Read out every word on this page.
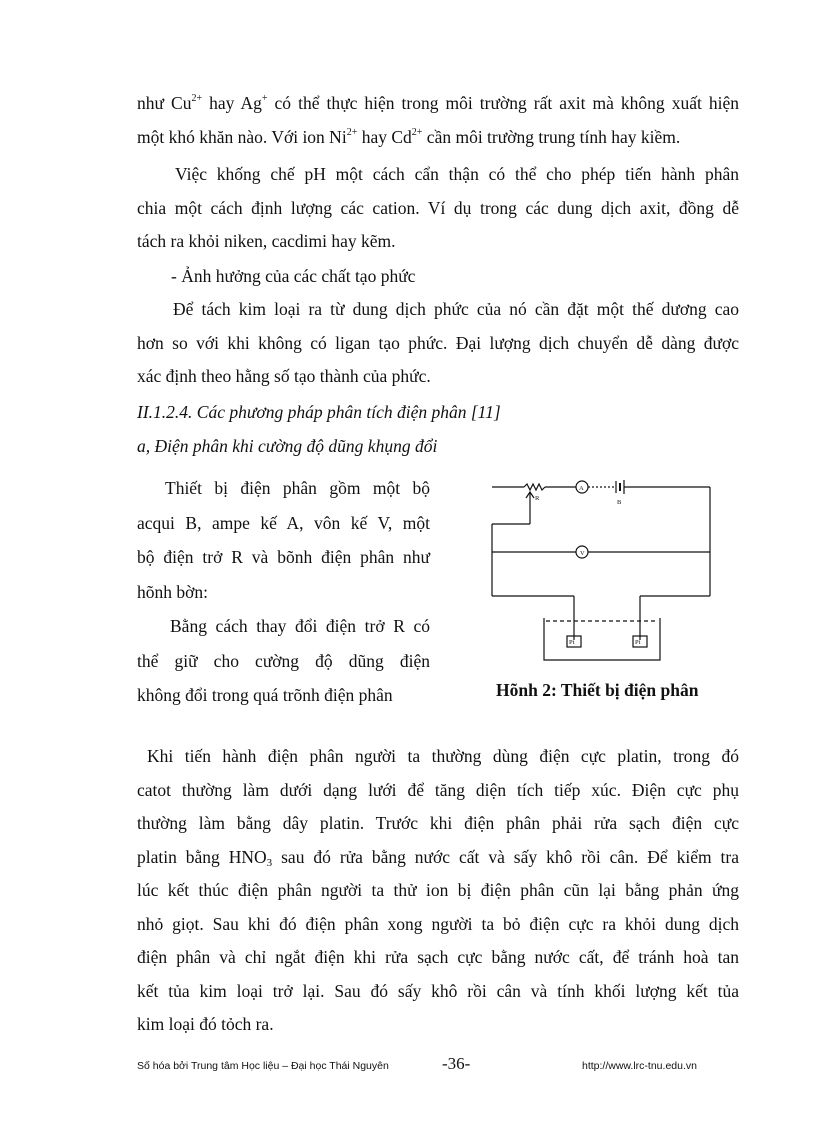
như $Cu^{2+}$ hay Ag+ có thể thực hiện trong môi trường rất axit mà không xuất hiện
một khó khăn nào. Với ion $Ni^{2+}$ hay $Cd^{2+}$ cần môi trường trung tính hay kiềm.
Việc khống chế pH một cách cẩn thận có thể cho phép tiến hành phân
chia một cách định lượng các cation. Ví dụ trong các dung dịch axit, đồng dễ
tách ra khỏi niken, cacdimi hay kẽm.
- Ảnh hưởng của các chất tạo phức
Để tách kim loại ra từ dung dịch phức của nó cần đặt một thế dương cao
hơn so với khi không có ligan tạo phức. Đại lượng dịch chuyển dễ dàng được
xác định theo hằng số tạo thành của phức.
II.1.2.4. Các phương pháp phân tích điện phân [11]
a, Điện phân khi cường độ dũng khụng đổi
Thiết bị điện phân gồm một bộ
acqui B, ampe kế A, vôn kế V, một
bộ điện trở R và bõnh điện phân như
hõnh bờn:
Bằng cách thay đổi điện trở R có
thể giữ cho cường độ dũng điện
không đổi trong quá trõnh điện phân
R
A
B
V
Pt	Pt
Hõnh 2: Thiết bị điện phân
Khi tiến hành điện phân người ta thường dùng điện cực platin, trong đó
catot thường làm dưới dạng lưới để tăng diện tích tiếp xúc. Điện cực phụ
thường làm bằng dây platin. Trước khi điện phân phải rửa sạch điện cực
platin bằng $HNO_3$ sau đó rửa bằng nước cất và sấy khô rồi cân. Để kiểm tra
lúc kết thúc điện phân người ta thử ion bị điện phân cũn lại bằng phản ứng
nhỏ giọt. Sau khi đó điện phân xong người ta bỏ điện cực ra khỏi dung dịch
điện phân và chỉ ngắt điện khi rửa sạch cực bằng nước cất, để tránh hoà tan
kết tủa kim loại trở lại. Sau đó sấy khô rồi cân và tính khối lượng kết tủa
kim loại đó tỏch ra.
Số hóa bởi Trung tâm Học liệu – Đại học Thái Nguyên	-36-	http://www.lrc-tnu.edu.vn
